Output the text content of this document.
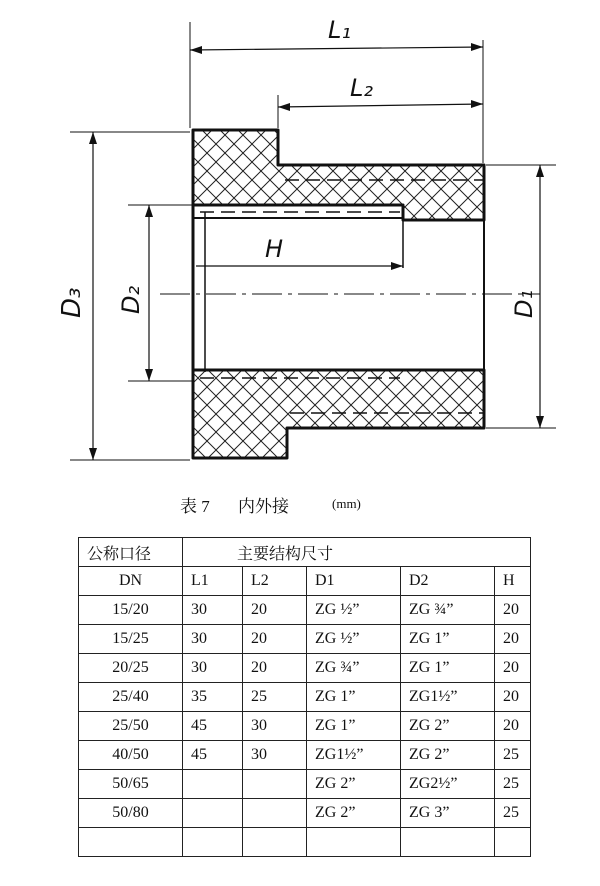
L₁
L₂
H
D₃ D₂	D₁
表 7 内外接	(mm)
公称口径	主要结构尺寸				
DN	L1	L2	D1	D2	H
15/20	30	20	ZG ½”	ZG ¾”	20
15/25	30	20	ZG ½”	ZG 1”	20
20/25	30	20	ZG ¾”	ZG 1”	20
25/40	35	25	ZG 1”	ZG1½”	20
25/50	45	30	ZG 1”	ZG 2”	20
40/50	45	30	ZG1½”	ZG 2”	25
50/65			ZG 2”	ZG2½”	25
50/80			ZG 2”	ZG 3”	25
